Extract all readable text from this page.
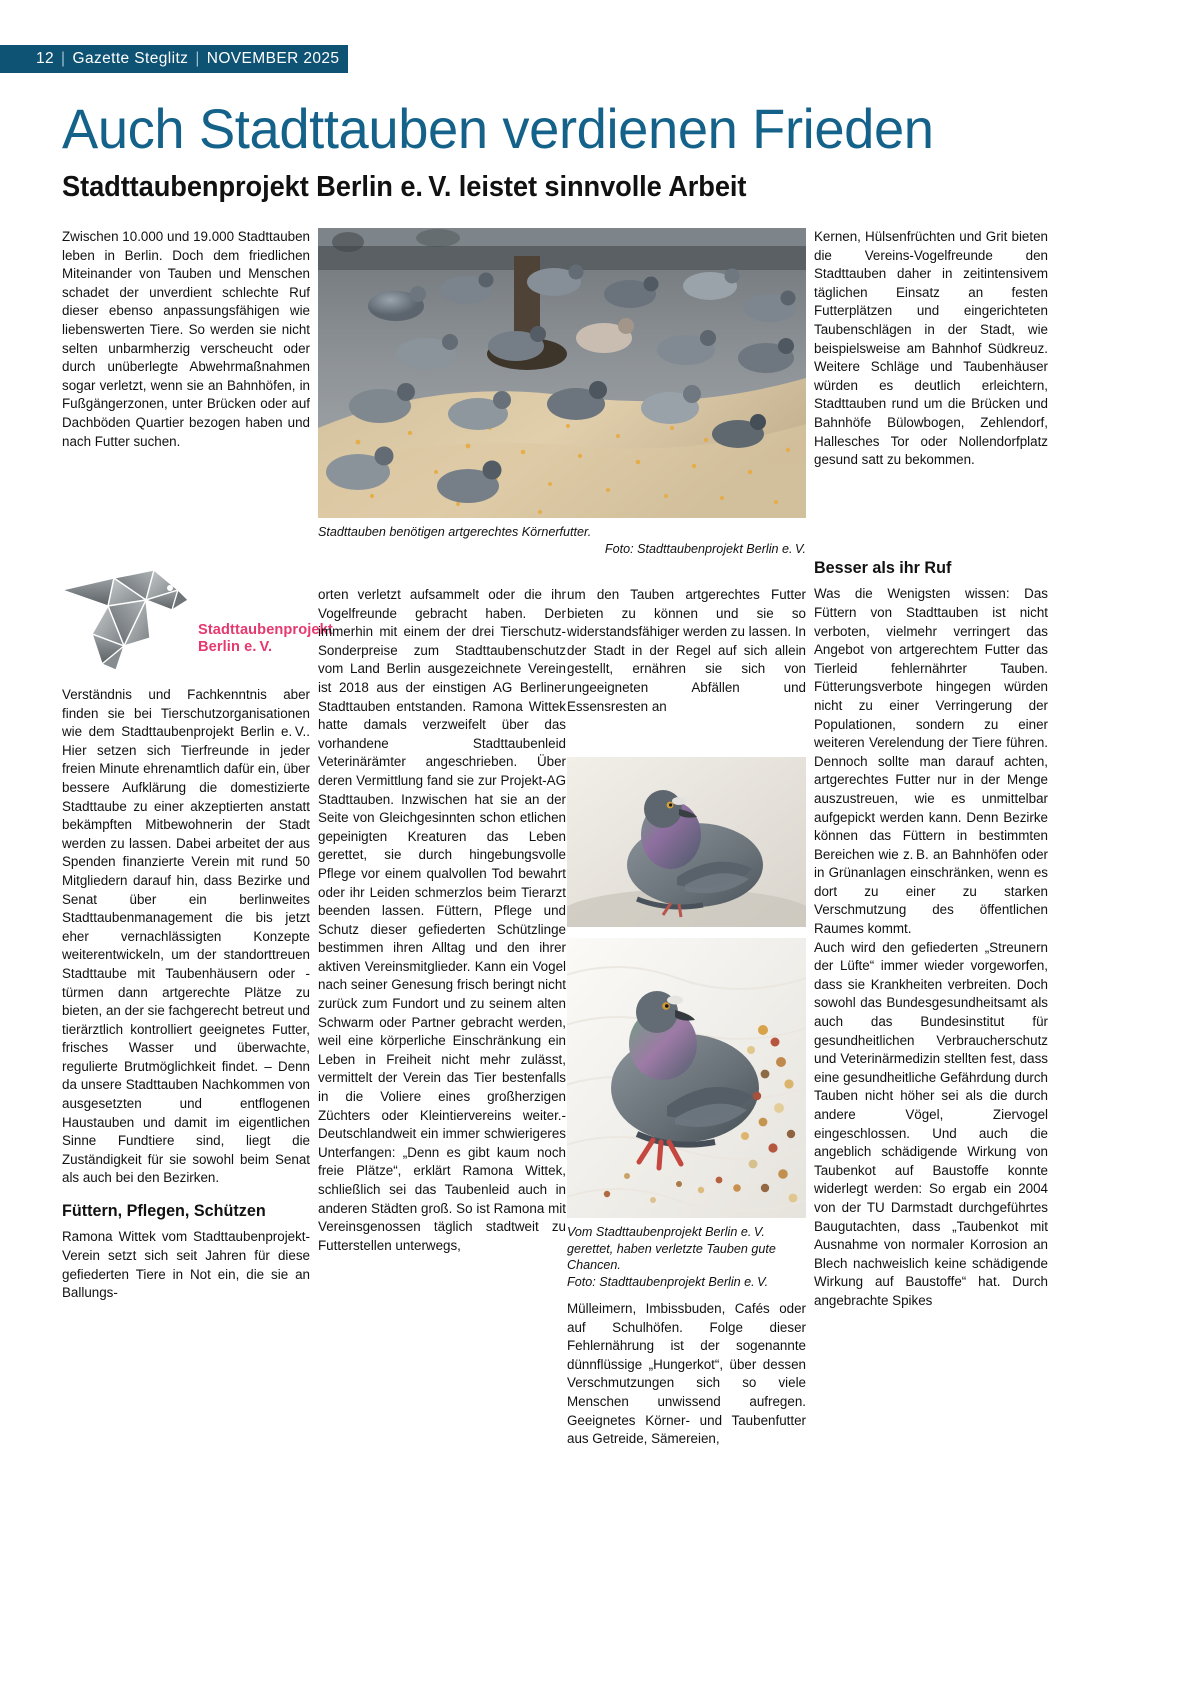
12 | Gazette Steglitz | NOVEMBER 2025
Auch Stadttauben verdienen Frieden
Stadttaubenprojekt Berlin e. V. leistet sinnvolle Arbeit
Stadttauben benötigen artgerechtes Körnerfutter.
Foto: Stadttaubenprojekt Berlin e. V.
Stadttaubenprojekt
Berlin e. V.

Zwischen 10.000 und 19.000 Stadttauben leben in Berlin. Doch dem friedlichen Miteinander von Tauben und Menschen schadet der unverdient schlechte Ruf dieser ebenso anpassungsfähigen wie liebenswerten Tiere. So werden sie nicht selten unbarmherzig verscheucht oder durch unüberlegte Abwehrmaßnahmen sogar verletzt, wenn sie an Bahnhöfen, in Fußgängerzonen, unter Brücken oder auf Dachböden Quartier bezogen haben und nach Futter suchen.

Verständnis und Fachkenntnis aber finden sie bei Tierschutzorganisationen wie dem Stadttaubenprojekt Berlin e. V.. Hier setzen sich Tierfreunde in jeder freien Minute ehrenamtlich dafür ein, über bessere Aufklärung die domestizierte Stadttaube zu einer akzeptierten anstatt bekämpften Mitbewohnerin der Stadt werden zu lassen. Dabei arbeitet der aus Spenden finanzierte Verein mit rund 50 Mitgliedern darauf hin, dass Bezirke und Senat über ein berlinweites Stadttaubenmanagement die bis jetzt eher vernachlässigten Konzepte weiterentwickeln, um der standorttreuen Stadttaube mit Taubenhäusern oder -türmen dann artgerechte Plätze zu bieten, an der sie fachgerecht betreut und tierärztlich kontrolliert geeignetes Futter, frisches Wasser und überwachte, regulierte Brutmöglichkeit findet. – Denn da unsere Stadttauben Nachkommen von ausgesetzten und entflogenen Haustauben und damit im eigentlichen Sinne Fundtiere sind, liegt die Zuständigkeit für sie sowohl beim Senat als auch bei den Bezirken.

Füttern, Pflegen, Schützen

Ramona Wittek vom Stadttaubenprojekt-Verein setzt sich seit Jahren für diese gefiederten Tiere in Not ein, die sie an Ballungs-

orten verletzt aufsammelt oder die ihr Vogelfreunde gebracht haben. Der immerhin mit einem der drei Tierschutz-Sonderpreise zum Stadttaubenschutz vom Land Berlin ausgezeichnete Verein ist 2018 aus der einstigen AG Berliner Stadttauben entstanden. Ramona Wittek hatte damals verzweifelt über das vorhandene Stadttaubenleid Veterinärämter angeschrieben. Über deren Vermittlung fand sie zur Projekt-AG Stadttauben. Inzwischen hat sie an der Seite von Gleichgesinnten schon etlichen gepeinigten Kreaturen das Leben gerettet, sie durch hingebungsvolle Pflege vor einem qualvollen Tod bewahrt oder ihr Leiden schmerzlos beim Tierarzt beenden lassen. Füttern, Pflege und Schutz dieser gefiederten Schützlinge bestimmen ihren Alltag und den ihrer aktiven Vereinsmitglieder. Kann ein Vogel nach seiner Genesung frisch beringt nicht zurück zum Fundort und zu seinem alten Schwarm oder Partner gebracht werden, weil eine körperliche Einschränkung ein Leben in Freiheit nicht mehr zulässt, vermittelt der Verein das Tier bestenfalls in die Voliere eines großherzigen Züchters oder Kleintiervereins weiter.- Deutschlandweit ein immer schwierigeres Unterfangen: „Denn es gibt kaum noch freie Plätze“, erklärt Ramona Wittek, schließlich sei das Taubenleid auch in anderen Städten groß. So ist Ramona mit Vereinsgenossen täglich stadtweit zu Futterstellen unterwegs,

um den Tauben artgerechtes Futter bieten zu können und sie so widerstandsfähiger werden zu lassen. In der Stadt in der Regel auf sich allein gestellt, ernähren sie sich von ungeeigneten Abfällen und Essensresten an

Vom Stadttaubenprojekt Berlin e. V. gerettet, haben verletzte Tauben gute Chancen.
Foto: Stadttaubenprojekt Berlin e. V.

Mülleimern, Imbissbuden, Cafés oder auf Schulhöfen. Folge dieser Fehlernährung ist der sogenannte dünnflüssige „Hungerkot“, über dessen Verschmutzungen sich so viele Menschen unwissend aufregen. Geeignetes Körner- und Taubenfutter aus Getreide, Sämereien,

Kernen, Hülsenfrüchten und Grit bieten die Vereins-Vogelfreunde den Stadttauben daher in zeitintensivem täglichen Einsatz an festen Futterplätzen und eingerichteten Taubenschlägen in der Stadt, wie beispielsweise am Bahnhof Südkreuz. Weitere Schläge und Taubenhäuser würden es deutlich erleichtern, Stadttauben rund um die Brücken und Bahnhöfe Bülowbogen, Zehlendorf, Hallesches Tor oder Nollendorfplatz gesund satt zu bekommen.

Besser als ihr Ruf

Was die Wenigsten wissen: Das Füttern von Stadttauben ist nicht verboten, vielmehr verringert das Angebot von artgerechtem Futter das Tierleid fehlernährter Tauben. Fütterungsverbote hingegen würden nicht zu einer Verringerung der Populationen, sondern zu einer weiteren Verelendung der Tiere führen. Dennoch sollte man darauf achten, artgerechtes Futter nur in der Menge auszustreuen, wie es unmittelbar aufgepickt werden kann. Denn Bezirke können das Füttern in bestimmten Bereichen wie z. B. an Bahnhöfen oder in Grünanlagen einschränken, wenn es dort zu einer zu starken Verschmutzung des öffentlichen Raumes kommt.

Auch wird den gefiederten „Streunern der Lüfte“ immer wieder vorgeworfen, dass sie Krankheiten verbreiten. Doch sowohl das Bundesgesundheitsamt als auch das Bundesinstitut für gesundheitlichen Verbraucherschutz und Veterinärmedizin stellten fest, dass eine gesundheitliche Gefährdung durch Tauben nicht höher sei als die durch andere Vögel, Ziervogel eingeschlossen. Und auch die angeblich schädigende Wirkung von Taubenkot auf Baustoffe konnte widerlegt werden: So ergab ein 2004 von der TU Darmstadt durchgeführtes Baugutachten, dass „Taubenkot mit Ausnahme von normaler Korrosion an Blech nachweislich keine schädigende Wirkung auf Baustoffe“ hat. Durch angebrachte Spikes
